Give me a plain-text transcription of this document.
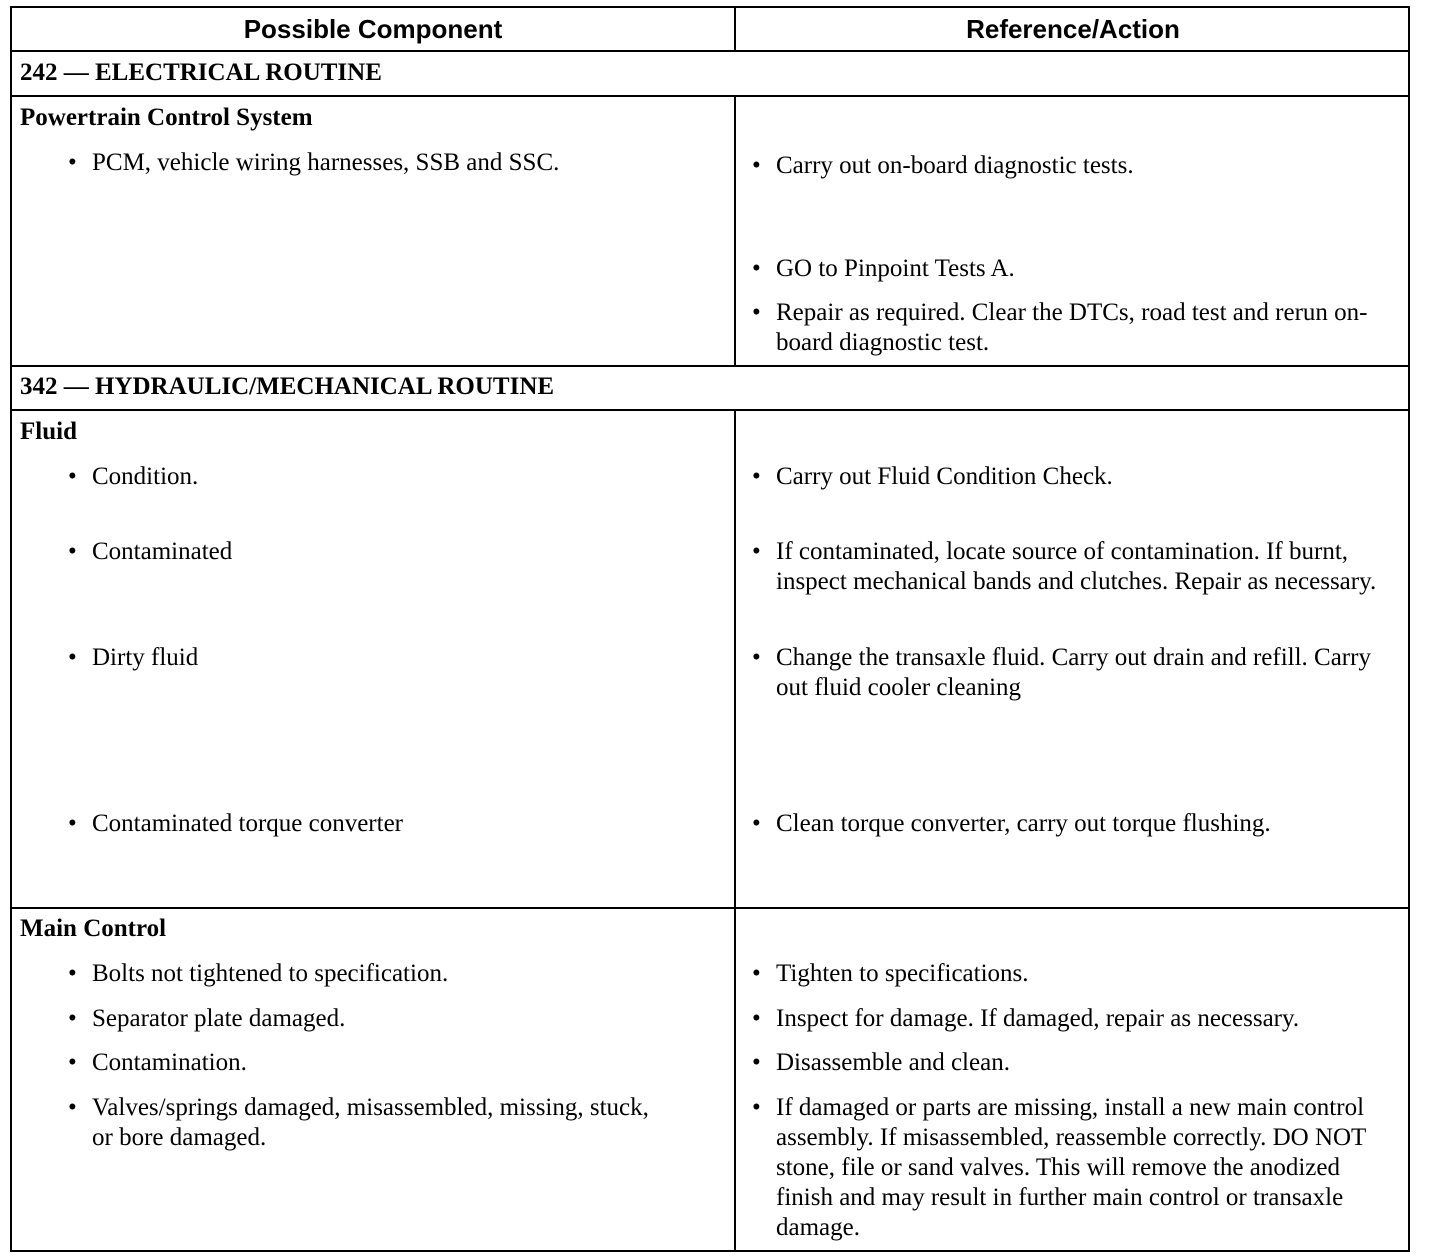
Possible Component	Reference/Action
242 — ELECTRICAL ROUTINE
Powertrain Control System
• PCM, vehicle wiring harnesses, SSB and SSC.	• Carry out on-board diagnostic tests.
• GO to Pinpoint Tests A.
• Repair as required. Clear the DTCs, road test and rerun on-board diagnostic test.
342 — HYDRAULIC/MECHANICAL ROUTINE
Fluid
• Condition.
• Contaminated
• Dirty fluid
• Contaminated torque converter
• Carry out Fluid Condition Check.
• If contaminated, locate source of contamination. If burnt, inspect mechanical bands and clutches. Repair as necessary.
• Change the transaxle fluid. Carry out drain and refill. Carry out fluid cooler cleaning
• Clean torque converter, carry out torque flushing.
Main Control
• Bolts not tightened to specification.
• Separator plate damaged.
• Contamination.
• Valves/springs damaged, misassembled, missing, stuck, or bore damaged.
• Tighten to specifications.
• Inspect for damage. If damaged, repair as necessary.
• Disassemble and clean.
• If damaged or parts are missing, install a new main control assembly. If misassembled, reassemble correctly. DO NOT stone, file or sand valves. This will remove the anodized finish and may result in further main control or transaxle damage.
